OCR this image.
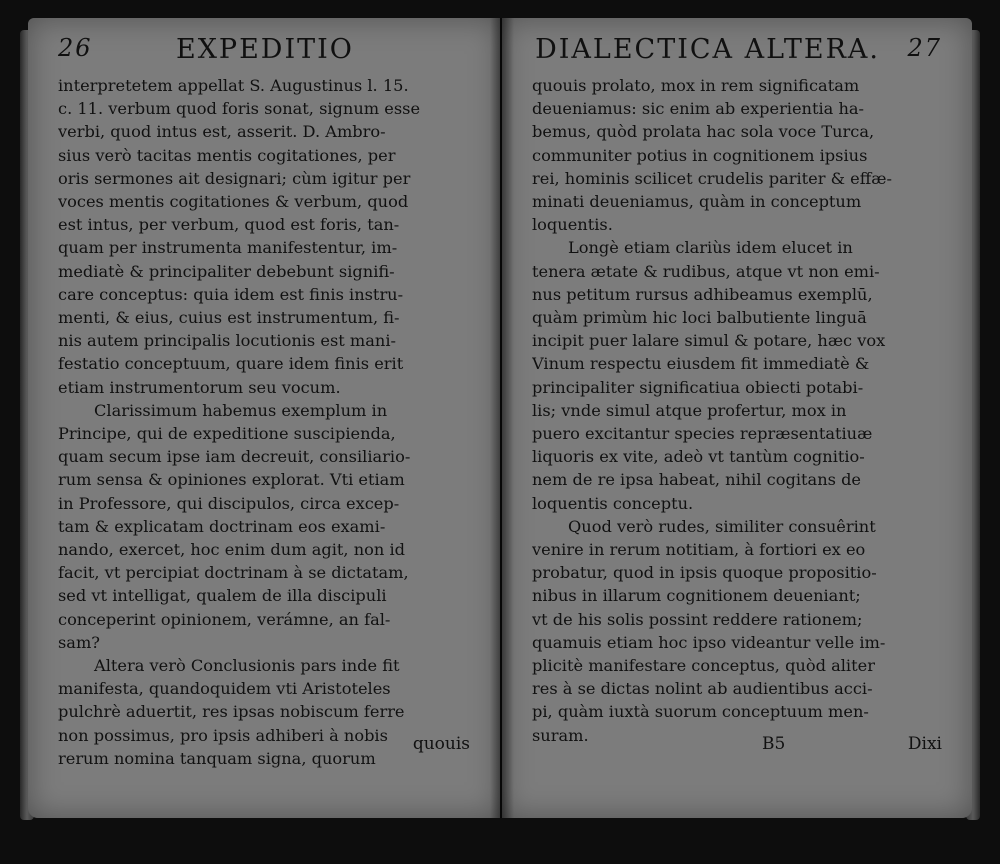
26	EXPEDITIO
interpretetem appellat S. Augustinus l. 15.
c. 11. verbum quod foris sonat, signum esse
verbi, quod intus est, asserit. D. Ambro-
sius verò tacitas mentis cogitationes, per
oris sermones ait designari; cùm igitur per
voces mentis cogitationes & verbum, quod
est intus, per verbum, quod est foris, tan-
quam per instrumenta manifestentur, im-
mediatè & principaliter debebunt signifi-
care conceptus: quia idem est finis instru-
menti, & eius, cuius est instrumentum, fi-
nis autem principalis locutionis est mani-
festatio conceptuum, quare idem finis erit
etiam instrumentorum seu vocum.
Clarissimum habemus exemplum in
Principe, qui de expeditione suscipienda,
quam secum ipse iam decreuit, consiliario-
rum sensa & opiniones explorat. Vti etiam
in Professore, qui discipulos, circa excep-
tam & explicatam doctrinam eos exami-
nando, exercet, hoc enim dum agit, non id
facit, vt percipiat doctrinam à se dictatam,
sed vt intelligat, qualem de illa discipuli
conceperint opinionem, verámne, an fal-
sam?
Altera verò Conclusionis pars inde fit
manifesta, quandoquidem vti Aristoteles
pulchrè aduertit, res ipsas nobiscum ferre
non possimus, pro ipsis adhiberi à nobis
rerum nomina tanquam signa, quorum
quouis
DIALECTICA ALTERA. 27
quouis prolato, mox in rem significatam
deueniamus: sic enim ab experientia ha-
bemus, quòd prolata hac sola voce Turca,
communiter potius in cognitionem ipsius
rei, hominis scilicet crudelis pariter & effæ-
minati deueniamus, quàm in conceptum
loquentis.
Longè etiam clariùs idem elucet in
tenera ætate & rudibus, atque vt non emi-
nus petitum rursus adhibeamus exemplū,
quàm primùm hic loci balbutiente linguā
incipit puer lalare simul & potare, hæc vox
Vinum respectu eiusdem fit immediatè &
principaliter significatiua obiecti potabi-
lis; vnde simul atque profertur, mox in
puero excitantur species repræsentatiuæ
liquoris ex vite, adeò vt tantùm cognitio-
nem de re ipsa habeat, nihil cogitans de
loquentis conceptu.
Quod verò rudes, similiter consuêrint
venire in rerum notitiam, à fortiori ex eo
probatur, quod in ipsis quoque propositio-
nibus in illarum cognitionem deueniant;
vt de his solis possint reddere rationem;
quamuis etiam hoc ipso videantur velle im-
plicitè manifestare conceptus, quòd aliter
res à se dictas nolint ab audientibus acci-
pi, quàm iuxtà suorum conceptuum men-
suram.	B5	Dixi
